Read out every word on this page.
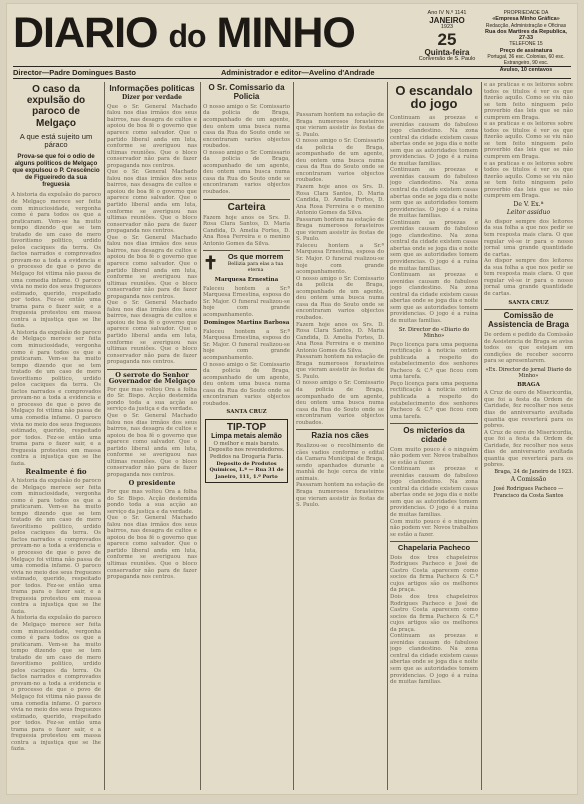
DIARIO do MINHO	Ano IV N.º 1141
JANEIRO
1923
25
Quinta-feira
Conversão de S. Paulo
PROPRIEDADE DA
«Empresa Minho Gráfica»
Redacção, Administração e Oficinas
Rua dos Martires da Republica, 27-33
TELEFONE 15
Preço de assinatura
Portugal, 36 esc. Colonias, 60 esc.
Estrangeiro, 90 esc.
Avulso, 10 centavos
Director—Padre Domingues Basto	Administrador e editor—Avelino d'Andrade
O caso da expulsão do paroco de Melgaço
A que está sujeito um páraco
Prova-se que foi o odio de alguns politicos de Melgaço que expulsou o P. Crescêncio de Figueiredo da sua freguesia
A historia da expulsão do paroco de Melgaço merece ser feita com minuciosidade, vergonha como é para todos os que a praticaram. Vem-se ha muito tempo dizendo que se tem tratado de um caso de mero favoritismo politico, urdido pelos caciques da terra. Os factos narrados e comprovados provam-no a toda a evidencia e o processo de que o povo de Melgaço foi vitima não passa de uma comedia infame. O paroco vivia no meio dos seus freguezes estimado, querido, respeitado por todos. Fez-se então uma trama para o fazer sair, e a freguesia protestou em massa contra a injustiça que se lhe fazia.
A historia da expulsão do paroco de Melgaço merece ser feita com minuciosidade, vergonha como é para todos os que a praticaram. Vem-se ha muito tempo dizendo que se tem tratado de um caso de mero favoritismo politico, urdido pelos caciques da terra. Os factos narrados e comprovados provam-no a toda a evidencia e o processo de que o povo de Melgaço foi vitima não passa de uma comedia infame. O paroco vivia no meio dos seus freguezes estimado, querido, respeitado por todos. Fez-se então uma trama para o fazer sair, e a freguesia protestou em massa contra a injustiça que se lhe fazia.
Realmente é fio
A historia da expulsão do paroco de Melgaço merece ser feita com minuciosidade, vergonha como é para todos os que a praticaram. Vem-se ha muito tempo dizendo que se tem tratado de um caso de mero favoritismo politico, urdido pelos caciques da terra. Os factos narrados e comprovados provam-no a toda a evidencia e o processo de que o povo de Melgaço foi vitima não passa de uma comedia infame. O paroco vivia no meio dos seus freguezes estimado, querido, respeitado por todos. Fez-se então uma trama para o fazer sair, e a freguesia protestou em massa contra a injustiça que se lhe fazia.
A historia da expulsão do paroco de Melgaço merece ser feita com minuciosidade, vergonha como é para todos os que a praticaram. Vem-se ha muito tempo dizendo que se tem tratado de um caso de mero favoritismo politico, urdido pelos caciques da terra. Os factos narrados e comprovados provam-no a toda a evidencia e o processo de que o povo de Melgaço foi vitima não passa de uma comedia infame. O paroco vivia no meio dos seus freguezes estimado, querido, respeitado por todos. Fez-se então uma trama para o fazer sair, e a freguesia protestou em massa contra a injustiça que se lhe fazia.
Informações politicas
Dizer por verdade
Que o Sr. General Machado falou nos dias irmãos dos seus bairros, nas desagra de cultos e apoiou de boa fé o governo que aparece como salvador. Que o partido liberal anda em luta, conforme se averiguou nas ultimas reuniões. Que o bloco conservador não para de fazer propaganda nos centros.
Que o Sr. General Machado falou nos dias irmãos dos seus bairros, nas desagra de cultos e apoiou de boa fé o governo que aparece como salvador. Que o partido liberal anda em luta, conforme se averiguou nas ultimas reuniões. Que o bloco conservador não para de fazer propaganda nos centros.
Que o Sr. General Machado falou nos dias irmãos dos seus bairros, nas desagra de cultos e apoiou de boa fé o governo que aparece como salvador. Que o partido liberal anda em luta, conforme se averiguou nas ultimas reuniões. Que o bloco conservador não para de fazer propaganda nos centros.
Que o Sr. General Machado falou nos dias irmãos dos seus bairros, nas desagra de cultos e apoiou de boa fé o governo que aparece como salvador. Que o partido liberal anda em luta, conforme se averiguou nas ultimas reuniões. Que o bloco conservador não para de fazer propaganda nos centros.
O serrote do Senhor Governador de Melgaço
Por que mas voltou Ora a folha do Sr. Bispo. Acção destemida pondo toda a sua acção ao serviço da justiça e da verdade.
Que o Sr. General Machado falou nos dias irmãos dos seus bairros, nas desagra de cultos e apoiou de boa fé o governo que aparece como salvador. Que o partido liberal anda em luta, conforme se averiguou nas ultimas reuniões. Que o bloco conservador não para de fazer propaganda nos centros.
O presidente
Por que mas voltou Ora a folha do Sr. Bispo. Acção destemida pondo toda a sua acção ao serviço da justiça e da verdade.
Que o Sr. General Machado falou nos dias irmãos dos seus bairros, nas desagra de cultos e apoiou de boa fé o governo que aparece como salvador. Que o partido liberal anda em luta, conforme se averiguou nas ultimas reuniões. Que o bloco conservador não para de fazer propaganda nos centros.
O Sr. Comissario da Policia
O nosso amigo o Sr. Comissario da policia de Braga, acompanhado de um agente, deu ontem uma busca numa casa da Rua do Souto onde se encontraram varios objectos roubados.
O nosso amigo o Sr. Comissario da policia de Braga, acompanhado de um agente, deu ontem uma busca numa casa da Rua do Souto onde se encontraram varios objectos roubados.
Carteira
Fazem hoje anos os Srs. D. Rosa Clara Santos, D. Maria Candida, D. Amelia Fortes, D. Ana Rosa Ferreira e o menino Antonio Gomes da Silva.
✝	Os que morrem
Bellizia para elas a tua eterna
Marquesa Ernestina
Faleceu hontem a Sr.ª Marquesa Ernestina, esposa do Sr. Major. O funeral realizou-se hoje com grande acompanhamento.
Domingos Martins Barbosa
Faleceu hontem a Sr.ª Marquesa Ernestina, esposa do Sr. Major. O funeral realizou-se hoje com grande acompanhamento.
O nosso amigo o Sr. Comissario da policia de Braga, acompanhado de um agente, deu ontem uma busca numa casa da Rua do Souto onde se encontraram varios objectos roubados.
SANTA CRUZ
TIP-TOP
Limpa metais alemão
O melhor e mais barato. Deposito nos revendedores. Pedidos na Drogaria Faria.
Deposito de Produtos Quimicos, L.ª — Rua 31 de Janeiro, 111, 1.º Porto
Passaram hontem na estação de Braga numerosos forasteiros que vieram assistir às festas de S. Paulo.
O nosso amigo o Sr. Comissario da policia de Braga, acompanhado de um agente, deu ontem uma busca numa casa da Rua do Souto onde se encontraram varios objectos roubados.
Fazem hoje anos os Srs. D. Rosa Clara Santos, D. Maria Candida, D. Amelia Fortes, D. Ana Rosa Ferreira e o menino Antonio Gomes da Silva.
Passaram hontem na estação de Braga numerosos forasteiros que vieram assistir às festas de S. Paulo.
Faleceu hontem a Sr.ª Marquesa Ernestina, esposa do Sr. Major. O funeral realizou-se hoje com grande acompanhamento.
O nosso amigo o Sr. Comissario da policia de Braga, acompanhado de um agente, deu ontem uma busca numa casa da Rua do Souto onde se encontraram varios objectos roubados.
Fazem hoje anos os Srs. D. Rosa Clara Santos, D. Maria Candida, D. Amelia Fortes, D. Ana Rosa Ferreira e o menino Antonio Gomes da Silva.
Passaram hontem na estação de Braga numerosos forasteiros que vieram assistir às festas de S. Paulo.
O nosso amigo o Sr. Comissario da policia de Braga, acompanhado de um agente, deu ontem uma busca numa casa da Rua do Souto onde se encontraram varios objectos roubados.
Razia nos cães
Realizou-se o recolhimento de cães vadios conforme o edital da Camara Municipal de Braga, sendo apanhados durante a manhã de hoje cerca de vinte animais.
Passaram hontem na estação de Braga numerosos forasteiros que vieram assistir às festas de S. Paulo.
O escandalo do jogo
Continuam as proezas e avenidas causam do fabuloso jogo clandestino. Na zona central da cidade existem casas abertas onde se joga dia e noite sem que as autoridades tomem providencias. O jogo é a ruína de muitas familias.
Continuam as proezas e avenidas causam do fabuloso jogo clandestino. Na zona central da cidade existem casas abertas onde se joga dia e noite sem que as autoridades tomem providencias. O jogo é a ruína de muitas familias.
Continuam as proezas e avenidas causam do fabuloso jogo clandestino. Na zona central da cidade existem casas abertas onde se joga dia e noite sem que as autoridades tomem providencias. O jogo é a ruína de muitas familias.
Continuam as proezas e avenidas causam do fabuloso jogo clandestino. Na zona central da cidade existem casas abertas onde se joga dia e noite sem que as autoridades tomem providencias. O jogo é a ruína de muitas familias.
Sr. Director do «Diario do Minho»
Peço licença para uma pequena rectificação à noticia ontem publicada a respeito do estabelecimento dos senhores Pacheco & C.ª que ficou com uma tarefa.
Peço licença para uma pequena rectificação à noticia ontem publicada a respeito do estabelecimento dos senhores Pacheco & C.ª que ficou com uma tarefa.
Os micterios da cidade
Com muito pouco é o ninguém não podem ver. Novos trabalhos se estão a fazer.
Continuam as proezas e avenidas causam do fabuloso jogo clandestino. Na zona central da cidade existem casas abertas onde se joga dia e noite sem que as autoridades tomem providencias. O jogo é a ruína de muitas familias.
Com muito pouco é o ninguém não podem ver. Novos trabalhos se estão a fazer.
Chapelaria Pacheco
Dois dos tres chapeleiros Rodrigues Pacheco e José de Castro Costa aparecem como socios da firma Pacheco & C.ª cujos artigos são os melhores da praça.
Dois dos tres chapeleiros Rodrigues Pacheco e José de Castro Costa aparecem como socios da firma Pacheco & C.ª cujos artigos são os melhores da praça.
Continuam as proezas e avenidas causam do fabuloso jogo clandestino. Na zona central da cidade existem casas abertas onde se joga dia e noite sem que as autoridades tomem providencias. O jogo é a ruína de muitas familias.
e as praticas e os leitores sobre todos os titulos é ver os que fizerão aquilo. Como se viu não se tem feito ninguem pelo proverbio das leis que se não cumprem em Braga.
e as praticas e os leitores sobre todos os titulos é ver os que fizerão aquilo. Como se viu não se tem feito ninguem pelo proverbio das leis que se não cumprem em Braga.
e as praticas e os leitores sobre todos os titulos é ver os que fizerão aquilo. Como se viu não se tem feito ninguem pelo proverbio das leis que se não cumprem em Braga.
De V. Ex.ª
Leitor assiduo
Ao dispor sempre dos leitores da sua folha a que nos pedir se tem resposta mais clara. O que regular vê-se ir para o nosso jornal uma grande quantidade de cartas.
Ao dispor sempre dos leitores da sua folha a que nos pedir se tem resposta mais clara. O que regular vê-se ir para o nosso jornal uma grande quantidade de cartas.
SANTA CRUZ
Comissão de Assistencia de Braga
De ordem e pedido da Comissão de Assistencia de Braga se avisa todos os que estejam em condições de receber socorro para se apresentarem.
«Ex. Director do jornal Diario do Minho»
BRAGA
A Cruz de ouro de Misericordia, que foi a festa da Ordem de Caridade, fez recolher nos seus dias de anniversario avultada quantia que reverterá para os pobres.
A Cruz de ouro de Misericordia, que foi a festa da Ordem de Caridade, fez recolher nos seus dias de anniversario avultada quantia que reverterá para os pobres.
Braga, 24 de Janeiro de 1923.
A Comissão
José Rodrigues Pacheco — Francisco da Costa Santos
